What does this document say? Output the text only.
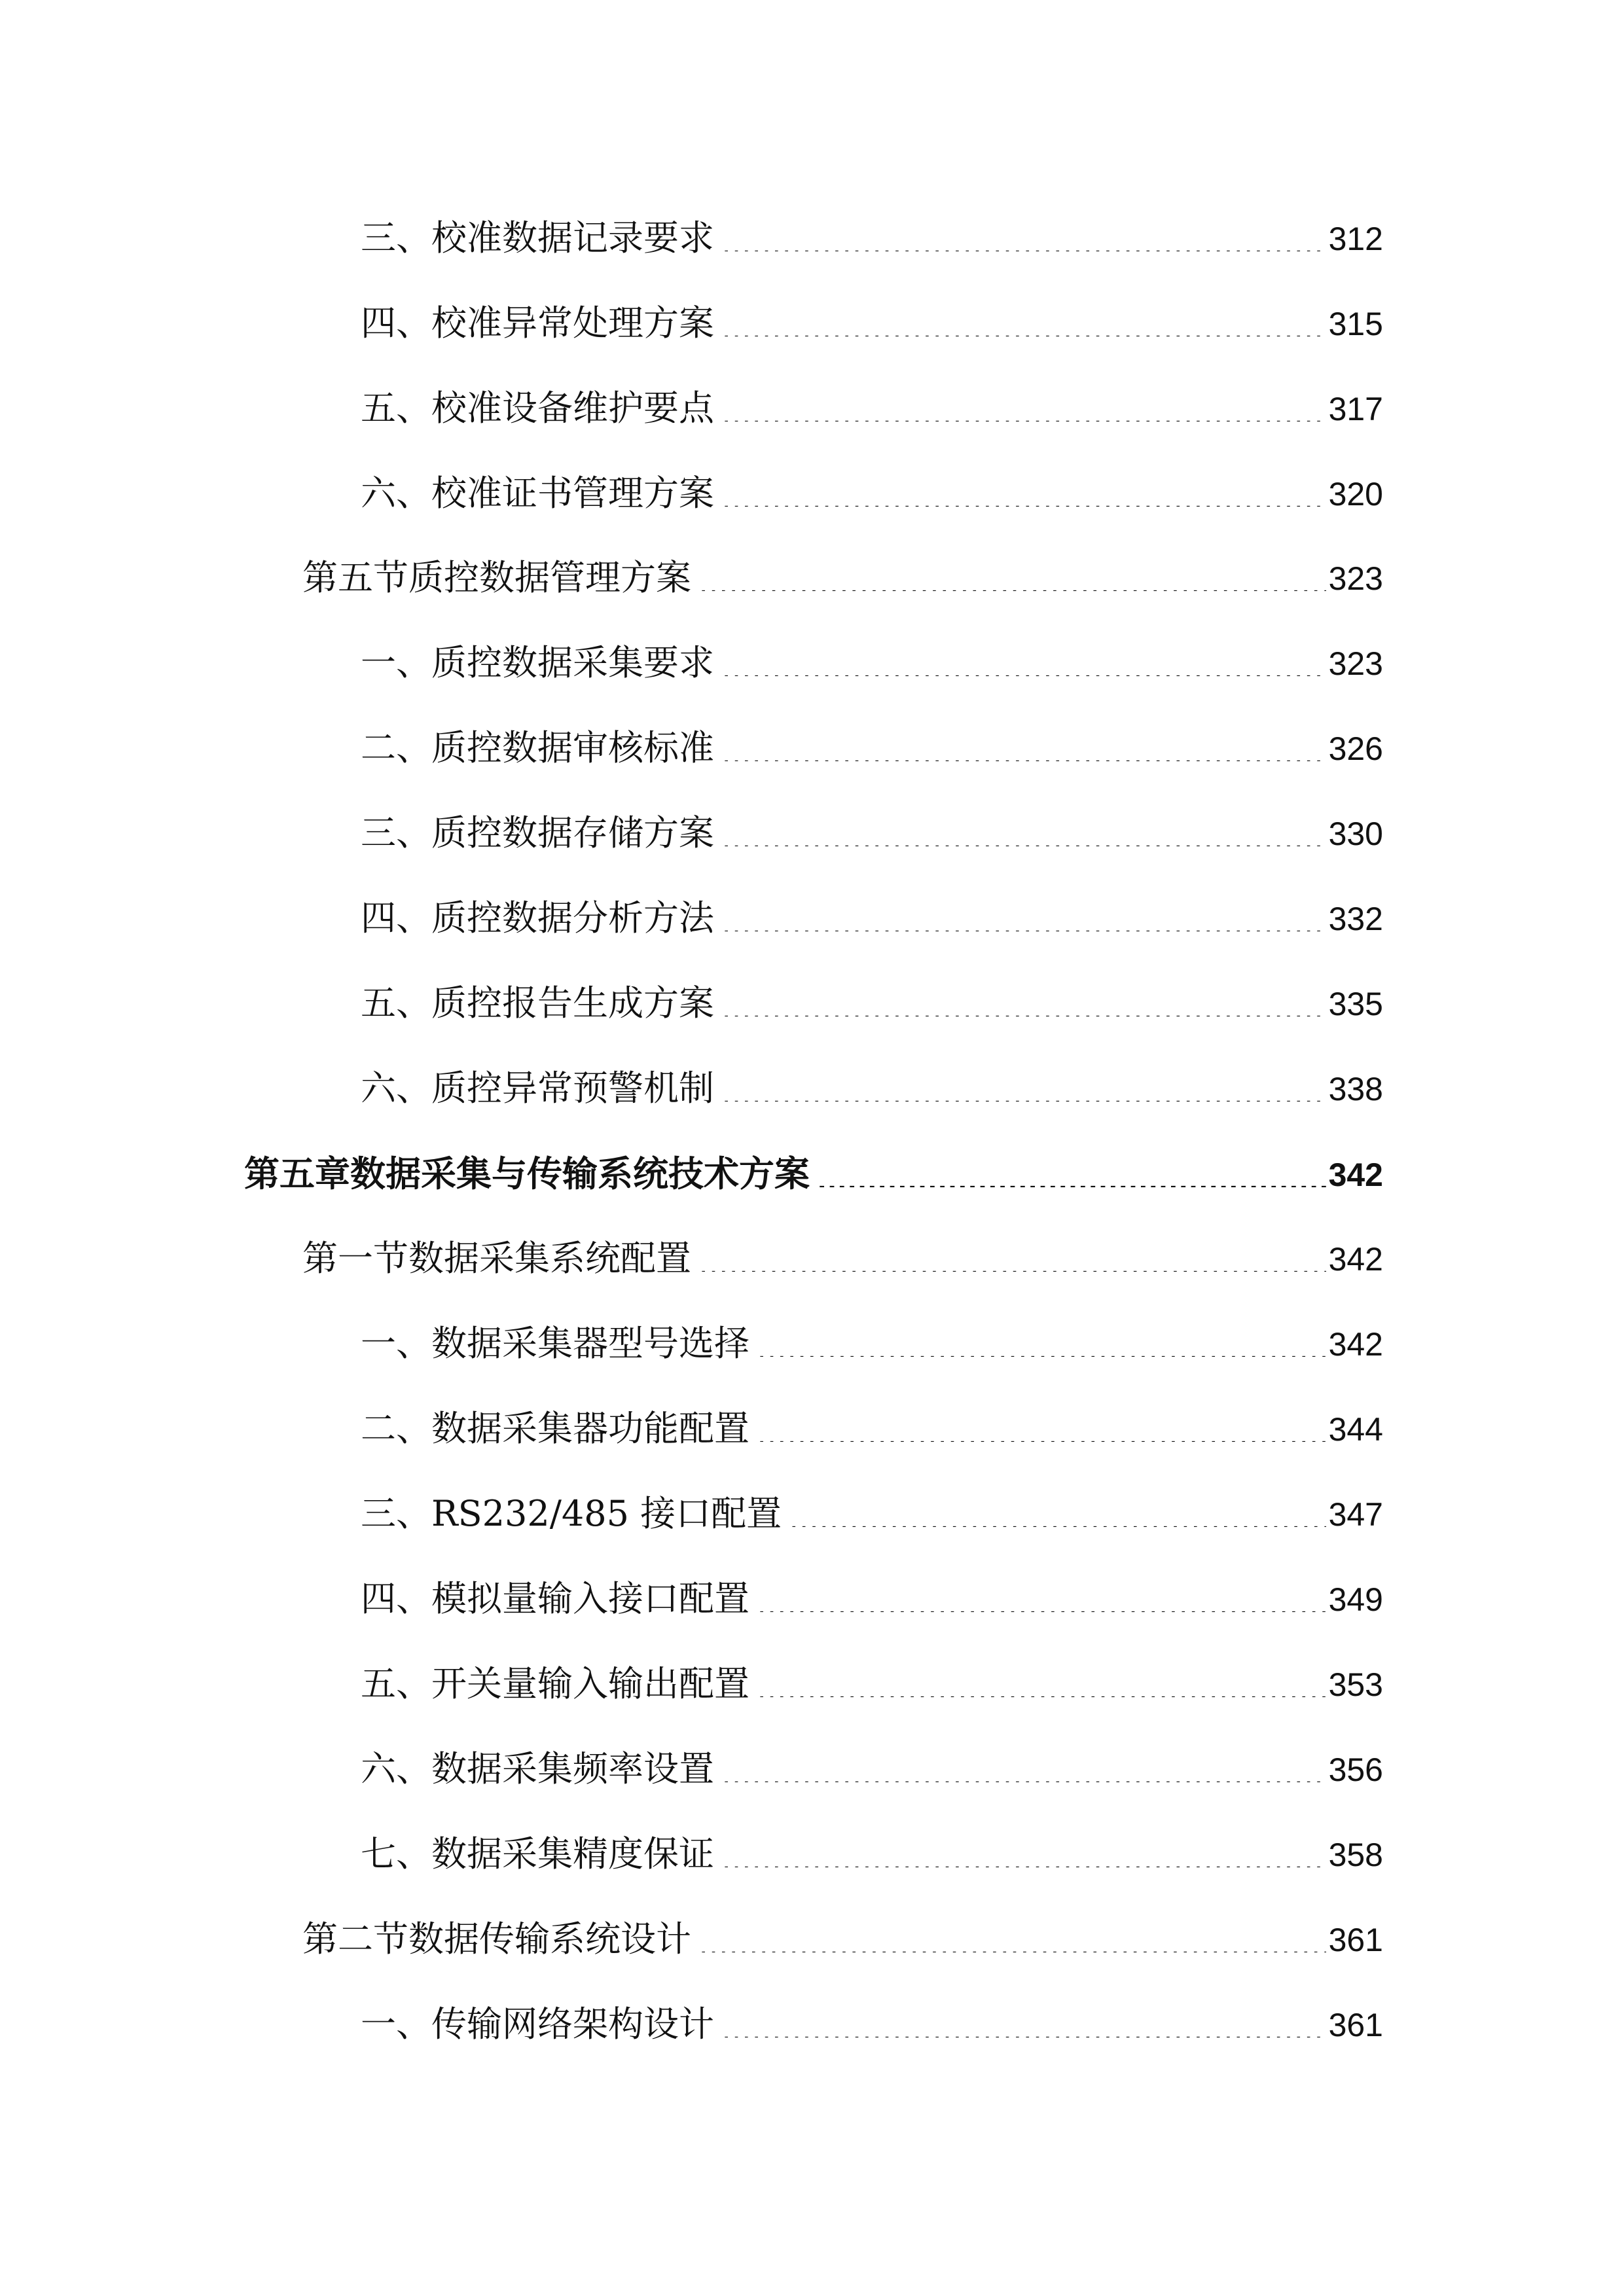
三、校准数据记录要求 .....	312
四、校准异常处理方案 .....	315
五、校准设备维护要点 .....	317
六、校准证书管理方案 .....	320
第五节质控数据管理方案 .....	323
一、质控数据采集要求 .....	323
二、质控数据审核标准 .....	326
三、质控数据存储方案 .....	330
四、质控数据分析方法 .....	332
五、质控报告生成方案 .....	335
六、质控异常预警机制 .....	338
第五章数据采集与传输系统技术方案 .....	342
第一节数据采集系统配置 .....	342
一、数据采集器型号选择 .....	342
二、数据采集器功能配置 .....	344
三、RS232/485 接口配置 .....	347
四、模拟量输入接口配置 .....	349
五、开关量输入输出配置 .....	353
六、数据采集频率设置 .....	356
七、数据采集精度保证 .....	358
第二节数据传输系统设计 .....	361
一、传输网络架构设计 .....	361
